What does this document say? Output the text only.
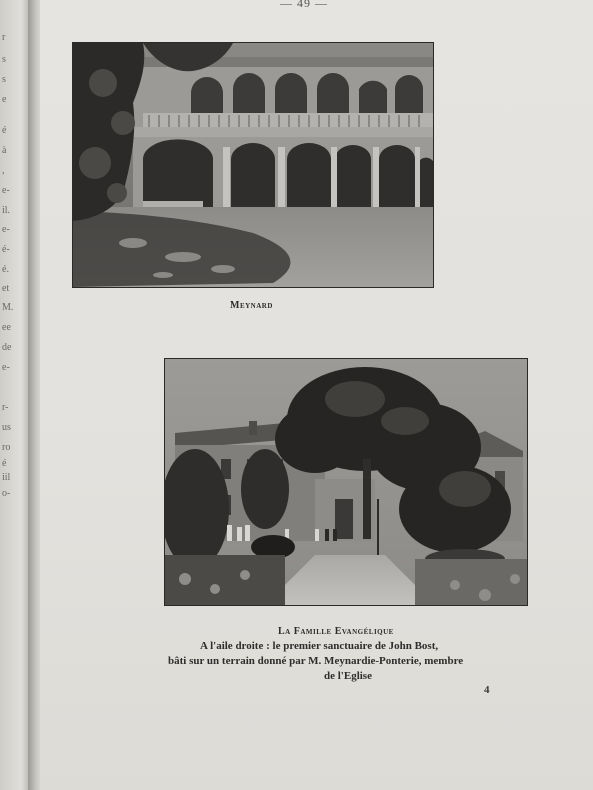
r
s
s
e
é
à
,
e-
il.
e-
é-
é.
et
M.
ee
de
e-
r-
us
ro
é
iil
o-
— 49 —
Meynard
La Famille Evangélique
A l'aile droite : le premier sanctuaire de John Bost,
bâti sur un terrain donné par M. Meynardie-Ponterie, membre
de l'Eglise
4
